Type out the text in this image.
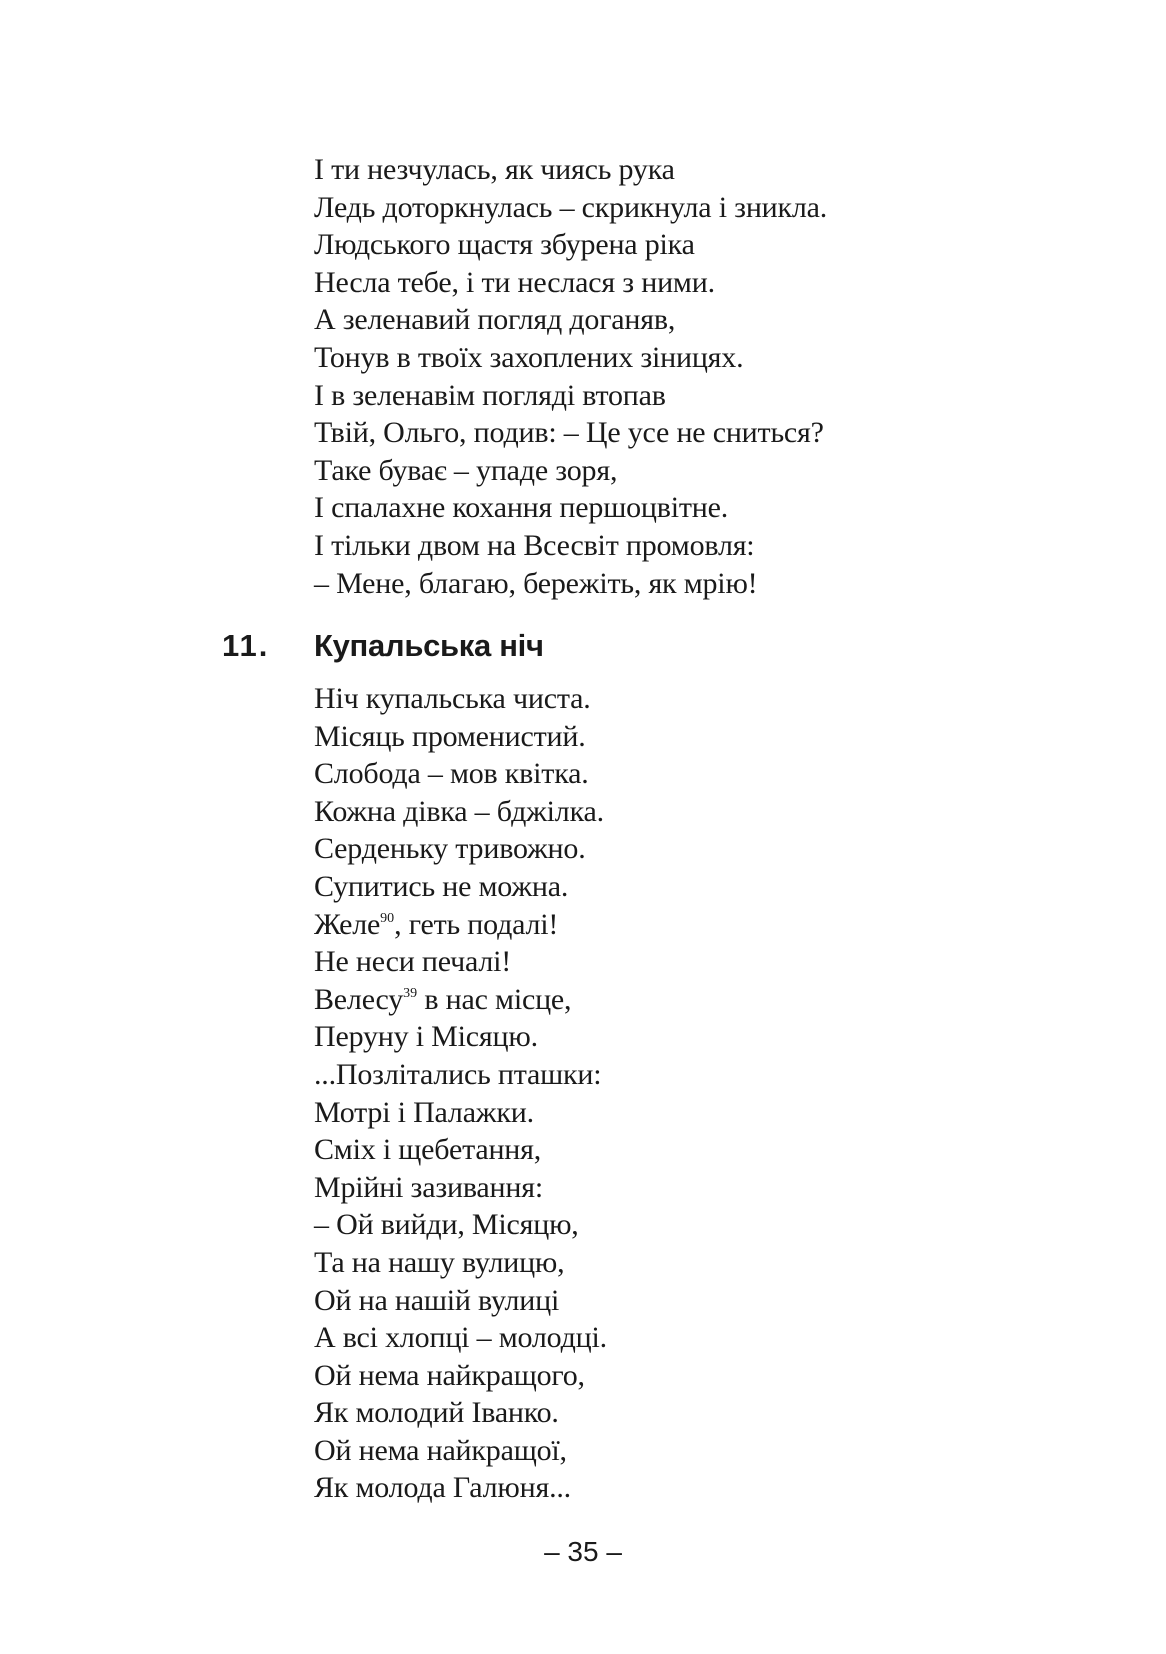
І ти незчулась, як чиясь рука
Ледь доторкнулась – скрикнула і зникла.
Людського щастя збурена ріка
Несла тебе, і ти неслася з ними.
А зеленавий погляд доганяв,
Тонув в твоїх захоплених зіницях.
І в зеленавім погляді втопав
Твій, Ольго, подив: – Це усе не сниться?
Таке буває – упаде зоря,
І спалахне кохання першоцвітне.
І тільки двом на Всесвіт промовля:
– Мене, благаю, бережіть, як мрію!
11. Купальська ніч
Ніч купальська чиста.
Місяць променистий.
Слобода – мов квітка.
Кожна дівка – бджілка.
Серденьку тривожно.
Супитись не можна.
Желе$^{90}$, геть подалі!
Не неси печалі!
Велесу$^{39}$ в нас місце,
Перуну і Місяцю.
...Позлітались пташки:
Мотрі і Палажки.
Сміх і щебетання,
Мрійні зазивання:
– Ой вийди, Місяцю,
Та на нашу вулицю,
Ой на нашій вулиці
А всі хлопці – молодці.
Ой нема найкращого,
Як молодий Іванко.
Ой нема найкращої,
Як молода Галюня...
– 35 –
